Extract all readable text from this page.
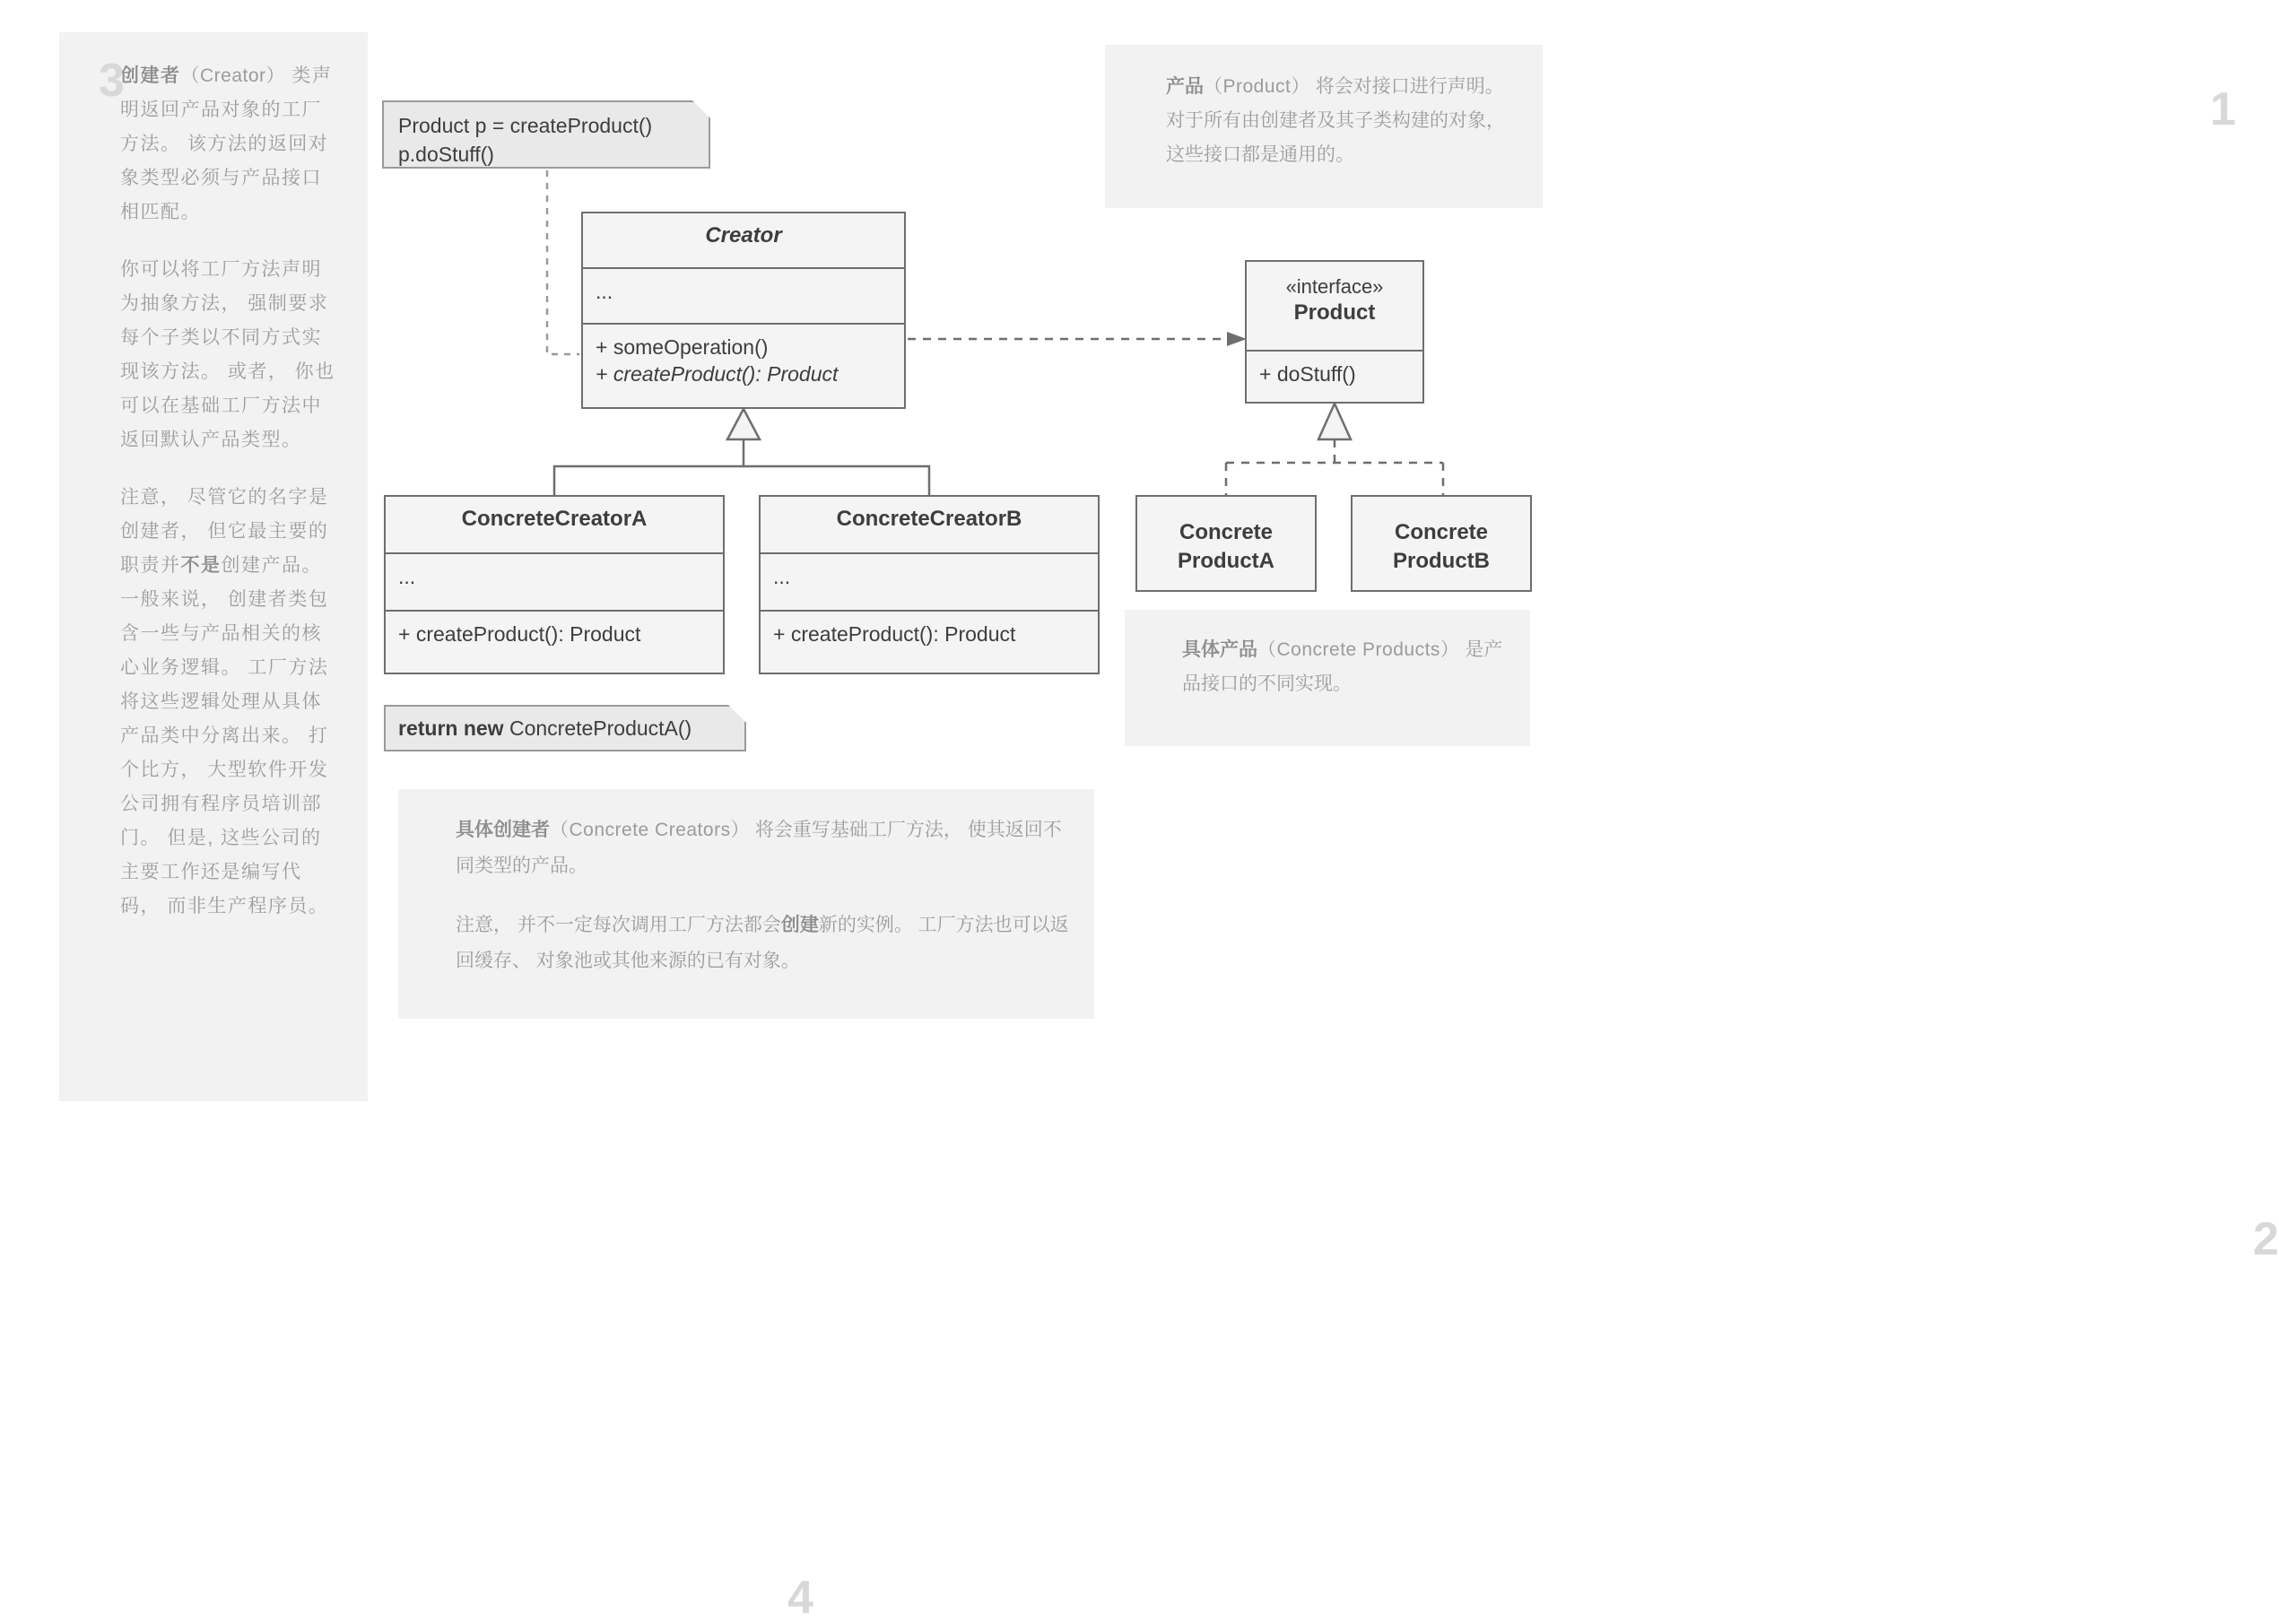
3

创建者（Creator） 类声明返回产品对象的工厂方法。 该方法的返回对象类型必须与产品接口相匹配。

你可以将工厂方法声明为抽象方法， 强制要求每个子类以不同方式实现该方法。 或者， 你也可以在基础工厂方法中返回默认产品类型。

注意， 尽管它的名字是创建者， 但它最主要的职责并不是创建产品。 一般来说， 创建者类包含一些与产品相关的核心业务逻辑。 工厂方法将这些逻辑处理从具体产品类中分离出来。 打个比方， 大型软件开发公司拥有程序员培训部门。 但是, 这些公司的主要工作还是编写代码， 而非生产程序员。

1

产品（Product） 将会对接口进行声明。 对于所有由创建者及其子类构建的对象， 这些接口都是通用的。

2

具体产品（Concrete Products） 是产品接口的不同实现。

4

具体创建者（Concrete Creators） 将会重写基础工厂方法， 使其返回不同类型的产品。

注意， 并不一定每次调用工厂方法都会创建新的实例。 工厂方法也可以返回缓存、 对象池或其他来源的已有对象。

Product p = createProduct()
p.doStuff()
return new ConcreteProductA()
Creator
...
+ someOperation()
+ createProduct(): Product
«interface»
Product
+ doStuff()
ConcreteCreatorA
...
+ createProduct(): Product
ConcreteCreatorB
...
+ createProduct(): Product
Concrete
ProductA
Concrete
ProductB
